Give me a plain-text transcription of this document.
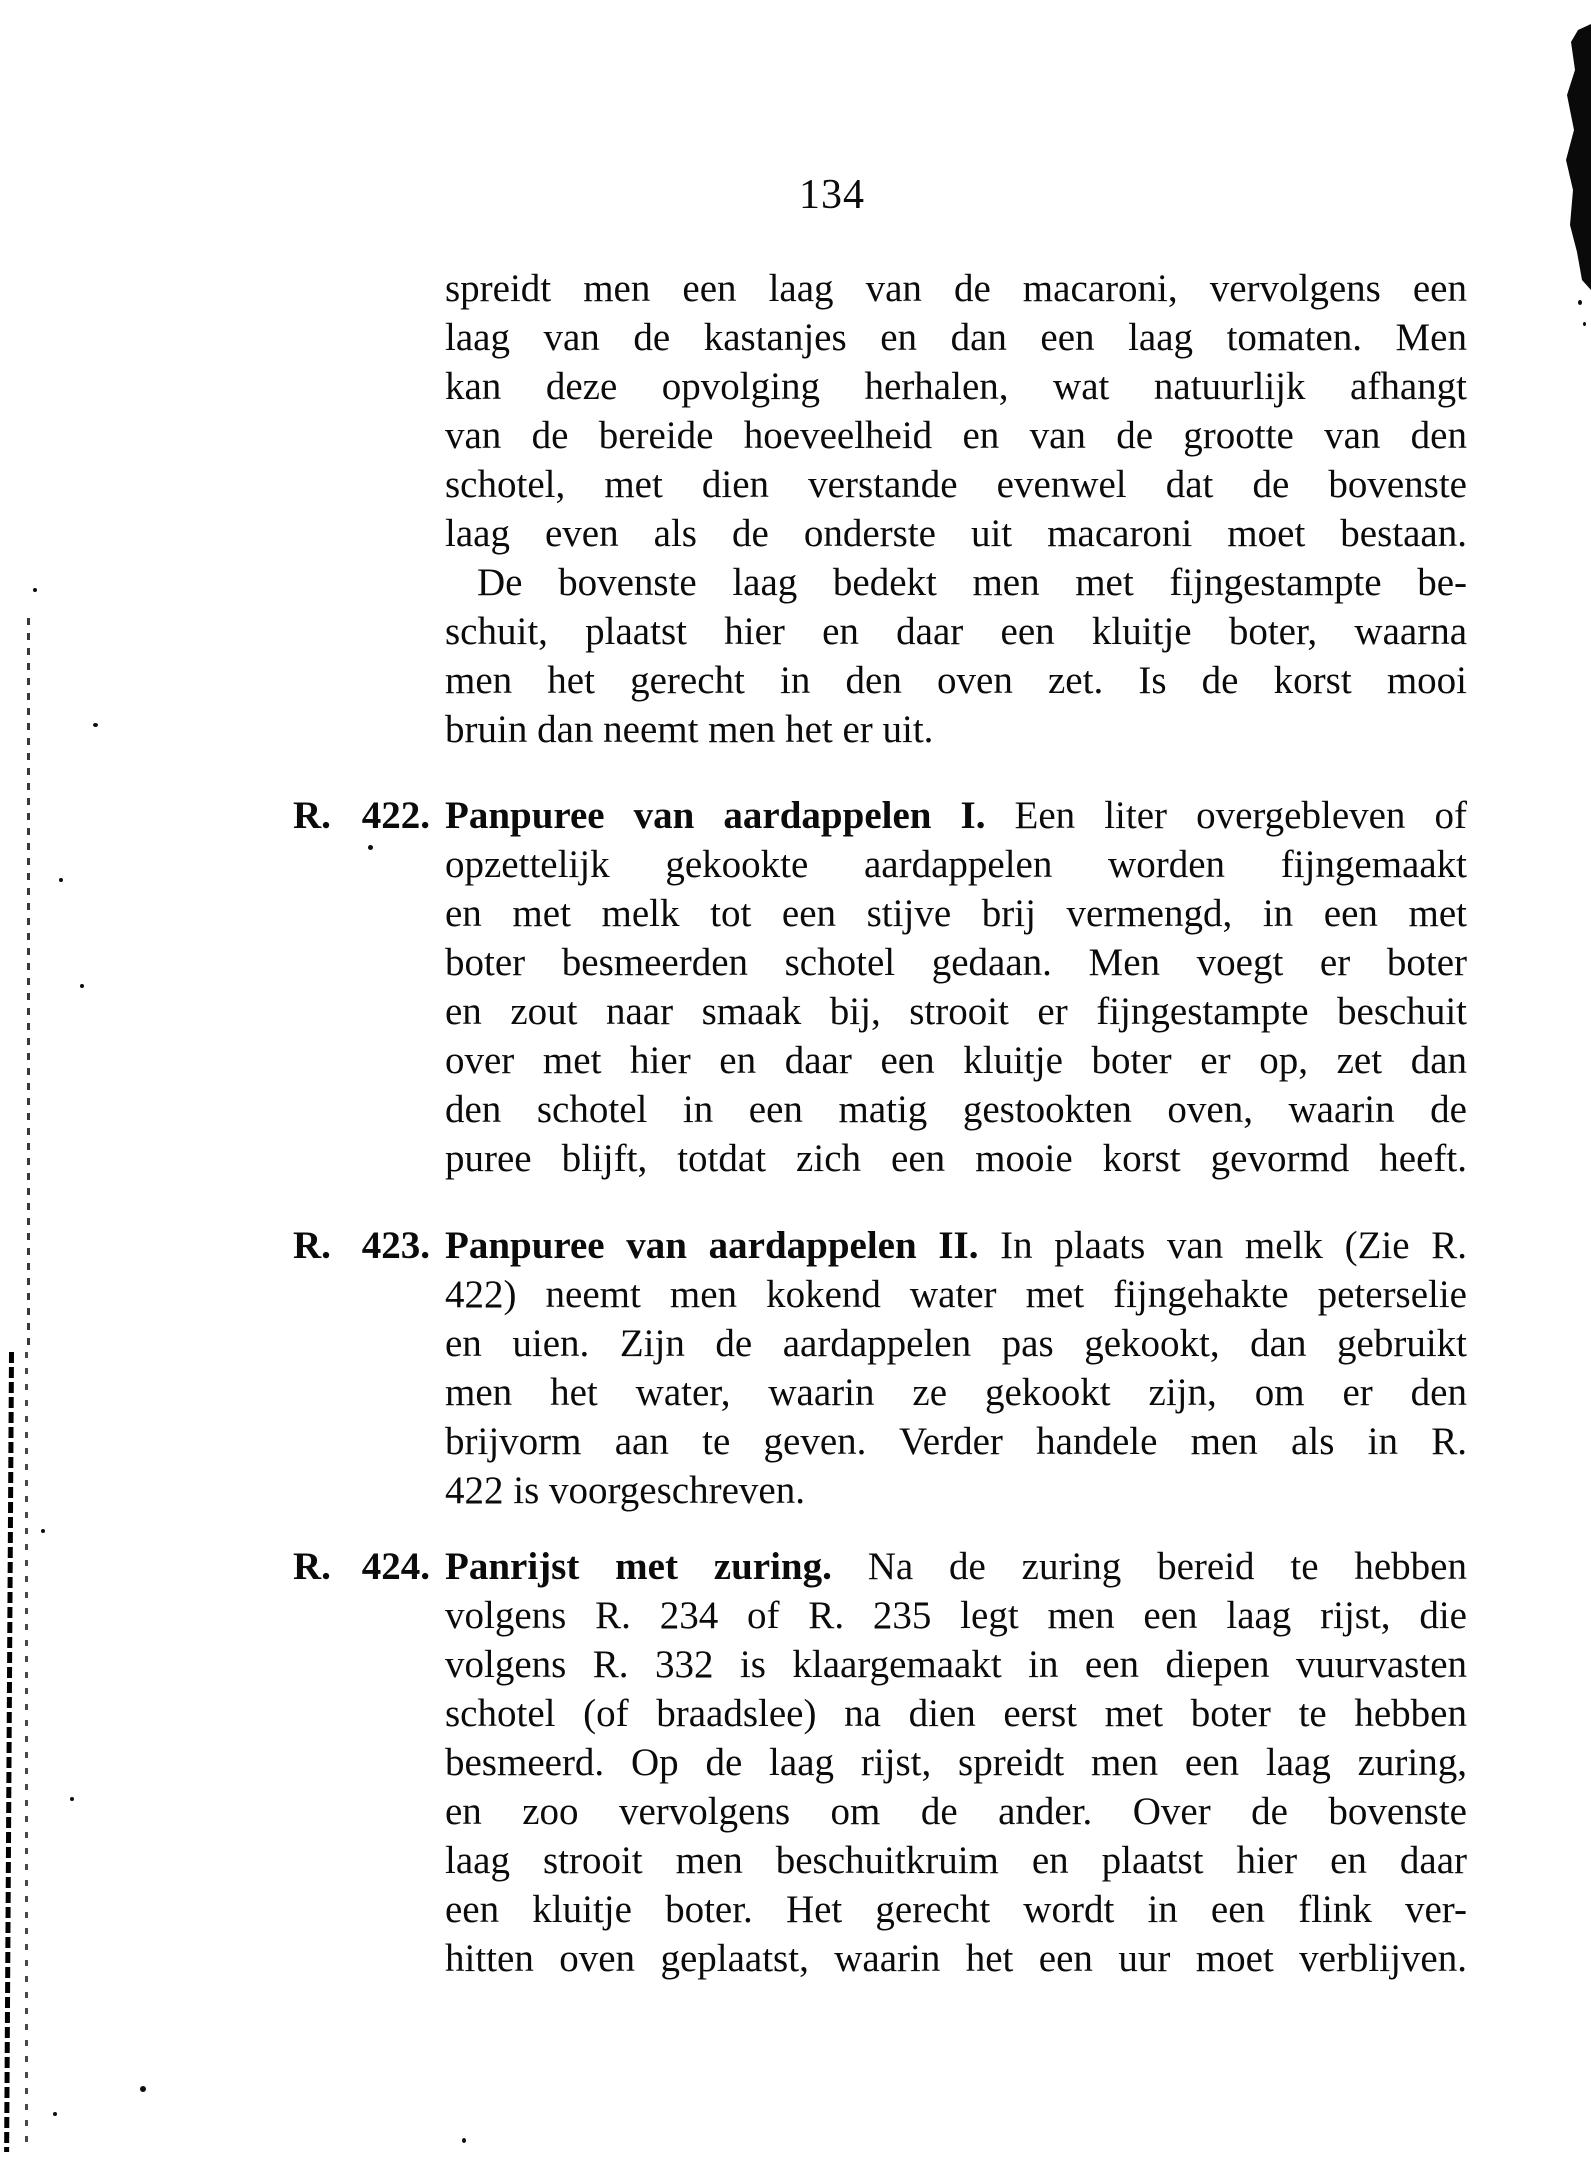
134
spreidt men een laag van de macaroni, vervolgens een
laag van de kastanjes en dan een laag tomaten. Men
kan deze opvolging herhalen, wat natuurlijk afhangt
van de bereide hoeveelheid en van de grootte van den
schotel, met dien verstande evenwel dat de bovenste
laag even als de onderste uit macaroni moet bestaan.
De bovenste laag bedekt men met fijngestampte be-
schuit, plaatst hier en daar een kluitje boter, waarna
men het gerecht in den oven zet. Is de korst mooi
bruin dan neemt men het er uit.
R. 422. Panpuree van aardappelen I. Een liter overgebleven of
opzettelijk gekookte aardappelen worden fijngemaakt
en met melk tot een stijve brij vermengd, in een met
boter besmeerden schotel gedaan. Men voegt er boter
en zout naar smaak bij, strooit er fijngestampte beschuit
over met hier en daar een kluitje boter er op, zet dan
den schotel in een matig gestookten oven, waarin de
puree blijft, totdat zich een mooie korst gevormd heeft.
R. 423. Panpuree van aardappelen II. In plaats van melk (Zie R.
422) neemt men kokend water met fijngehakte peterselie
en uien. Zijn de aardappelen pas gekookt, dan gebruikt
men het water, waarin ze gekookt zijn, om er den
brijvorm aan te geven. Verder handele men als in R.
422 is voorgeschreven.
R. 424. Panrijst met zuring. Na de zuring bereid te hebben
volgens R. 234 of R. 235 legt men een laag rijst, die
volgens R. 332 is klaargemaakt in een diepen vuurvasten
schotel (of braadslee) na dien eerst met boter te hebben
besmeerd. Op de laag rijst, spreidt men een laag zuring,
en zoo vervolgens om de ander. Over de bovenste
laag strooit men beschuitkruim en plaatst hier en daar
een kluitje boter. Het gerecht wordt in een flink ver-
hitten oven geplaatst, waarin het een uur moet verblijven.
